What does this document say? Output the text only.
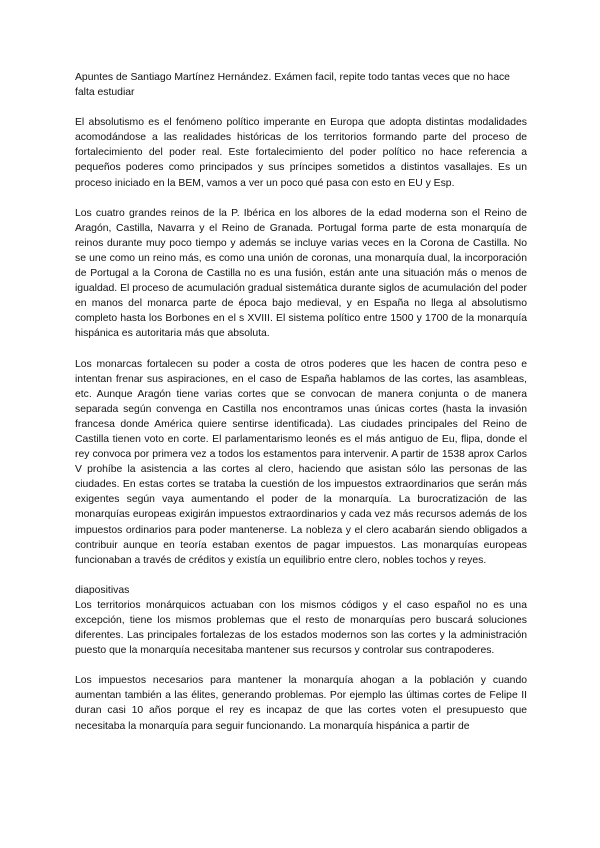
Apuntes de Santiago Martínez Hernández. Exámen facil, repite todo tantas veces que no hace falta estudiar

El absolutismo es el fenómeno político imperante en Europa que adopta distintas modalidades acomodándose a las realidades históricas de los territorios formando parte del proceso de fortalecimiento del poder real. Este fortalecimiento del poder político no hace referencia a pequeños poderes como principados y sus príncipes sometidos a distintos vasallajes. Es un proceso iniciado en la BEM, vamos a ver un poco qué pasa con esto en EU y Esp.

Los cuatro grandes reinos de la P. Ibérica en los albores de la edad moderna son el Reino de Aragón, Castilla, Navarra y el Reino de Granada. Portugal forma parte de esta monarquía de reinos durante muy poco tiempo y además se incluye varias veces en la Corona de Castilla. No se une como un reino más, es como una unión de coronas, una monarquía dual, la incorporación de Portugal a la Corona de Castilla no es una fusión, están ante una situación más o menos de igualdad. El proceso de acumulación gradual sistemática durante siglos de acumulación del poder en manos del monarca parte de época bajo medieval, y en España no llega al absolutismo completo hasta los Borbones en el s XVIII. El sistema político entre 1500 y 1700 de la monarquía hispánica es autoritaria más que absoluta.

Los monarcas fortalecen su poder a costa de otros poderes que les hacen de contra peso e intentan frenar sus aspiraciones, en el caso de España hablamos de las cortes, las asambleas, etc. Aunque Aragón tiene varias cortes que se convocan de manera conjunta o de manera separada según convenga en Castilla nos encontramos unas únicas cortes (hasta la invasión francesa donde América quiere sentirse identificada). Las ciudades principales del Reino de Castilla tienen voto en corte. El parlamentarismo leonés es el más antiguo de Eu, flipa, donde el rey convoca por primera vez a todos los estamentos para intervenir. A partir de 1538 aprox Carlos V prohíbe la asistencia a las cortes al clero, haciendo que asistan sólo las personas de las ciudades. En estas cortes se trataba la cuestión de los impuestos extraordinarios que serán más exigentes según vaya aumentando el poder de la monarquía. La burocratización de las monarquías europeas exigirán impuestos extraordinarios y cada vez más recursos además de los impuestos ordinarios para poder mantenerse. La nobleza y el clero acabarán siendo obligados a contribuir aunque en teoría estaban exentos de pagar impuestos. Las monarquías europeas funcionaban a través de créditos y existía un equilibrio entre clero, nobles tochos y reyes.

diapositivas

Los territorios monárquicos actuaban con los mismos códigos y el caso español no es una excepción, tiene los mismos problemas que el resto de monarquías pero buscará soluciones diferentes. Las principales fortalezas de los estados modernos son las cortes y la administración puesto que la monarquía necesitaba mantener sus recursos y controlar sus contrapoderes.

Los impuestos necesarios para mantener la monarquía ahogan a la población y cuando aumentan también a las élites, generando problemas. Por ejemplo las últimas cortes de Felipe II duran casi 10 años porque el rey es incapaz de que las cortes voten el presupuesto que necesitaba la monarquía para seguir funcionando. La monarquía hispánica a partir de
